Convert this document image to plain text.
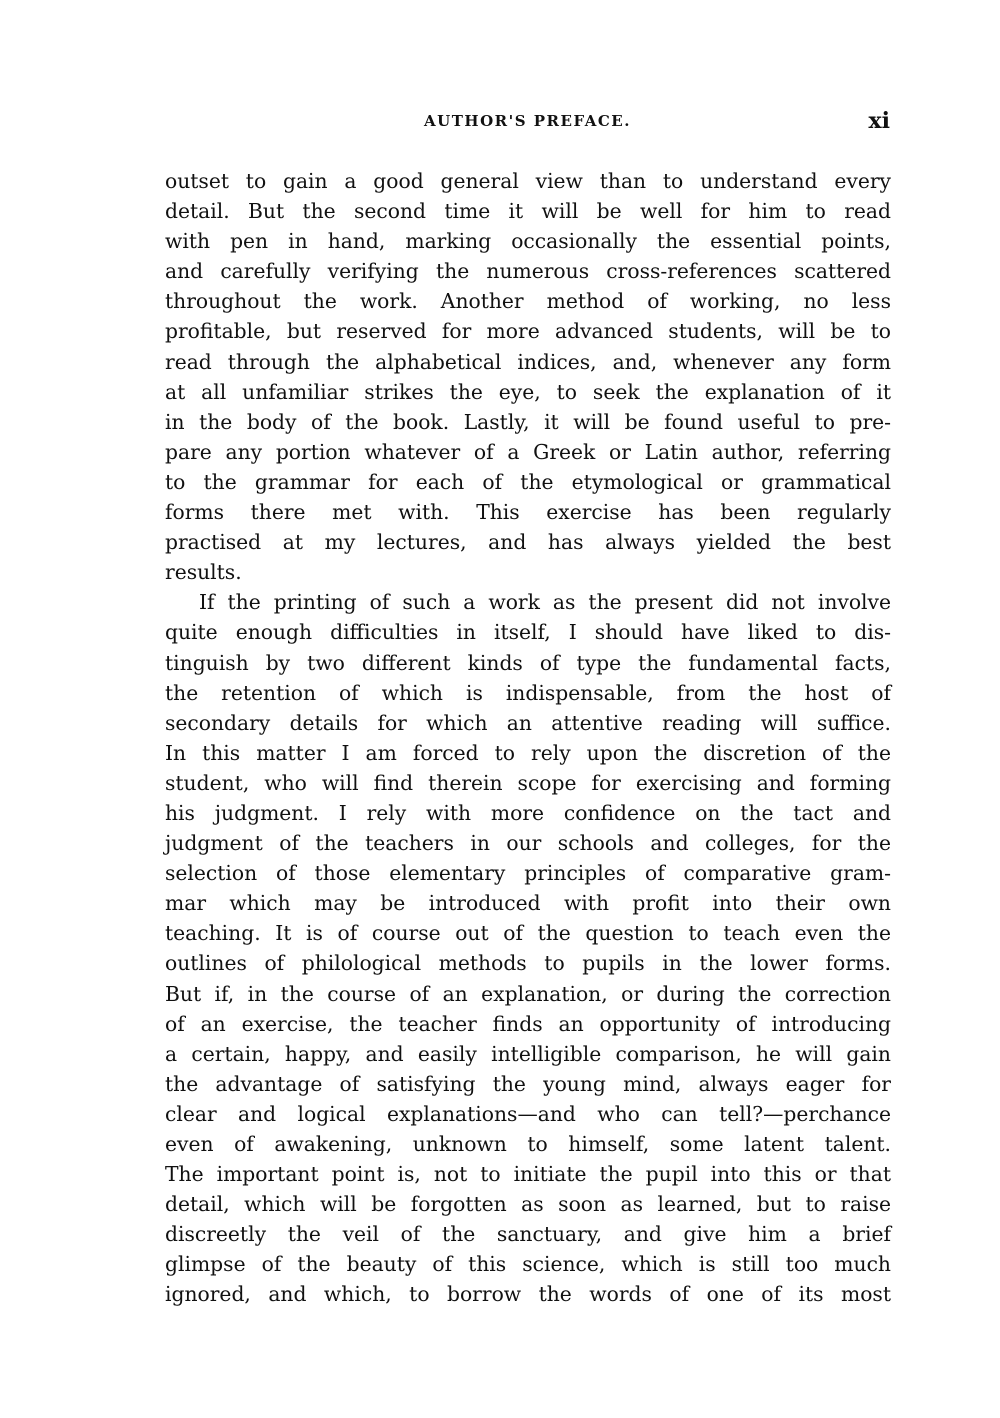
AUTHOR'S PREFACE.	xi
outset to gain a good general view than to understand every
detail. But the second time it will be well for him to read
with pen in hand, marking occasionally the essential points,
and carefully verifying the numerous cross-references scattered
throughout the work. Another method of working, no less
profitable, but reserved for more advanced students, will be to
read through the alphabetical indices, and, whenever any form
at all unfamiliar strikes the eye, to seek the explanation of it
in the body of the book. Lastly, it will be found useful to pre-
pare any portion whatever of a Greek or Latin author, referring
to the grammar for each of the etymological or grammatical
forms there met with. This exercise has been regularly
practised at my lectures, and has always yielded the best
results.
If the printing of such a work as the present did not involve
quite enough difficulties in itself, I should have liked to dis-
tinguish by two different kinds of type the fundamental facts,
the retention of which is indispensable, from the host of
secondary details for which an attentive reading will suffice.
In this matter I am forced to rely upon the discretion of the
student, who will find therein scope for exercising and forming
his judgment. I rely with more confidence on the tact and
judgment of the teachers in our schools and colleges, for the
selection of those elementary principles of comparative gram-
mar which may be introduced with profit into their own
teaching. It is of course out of the question to teach even the
outlines of philological methods to pupils in the lower forms.
But if, in the course of an explanation, or during the correction
of an exercise, the teacher finds an opportunity of introducing
a certain, happy, and easily intelligible comparison, he will gain
the advantage of satisfying the young mind, always eager for
clear and logical explanations—and who can tell?—perchance
even of awakening, unknown to himself, some latent talent.
The important point is, not to initiate the pupil into this or that
detail, which will be forgotten as soon as learned, but to raise
discreetly the veil of the sanctuary, and give him a brief
glimpse of the beauty of this science, which is still too much
ignored, and which, to borrow the words of one of its most
